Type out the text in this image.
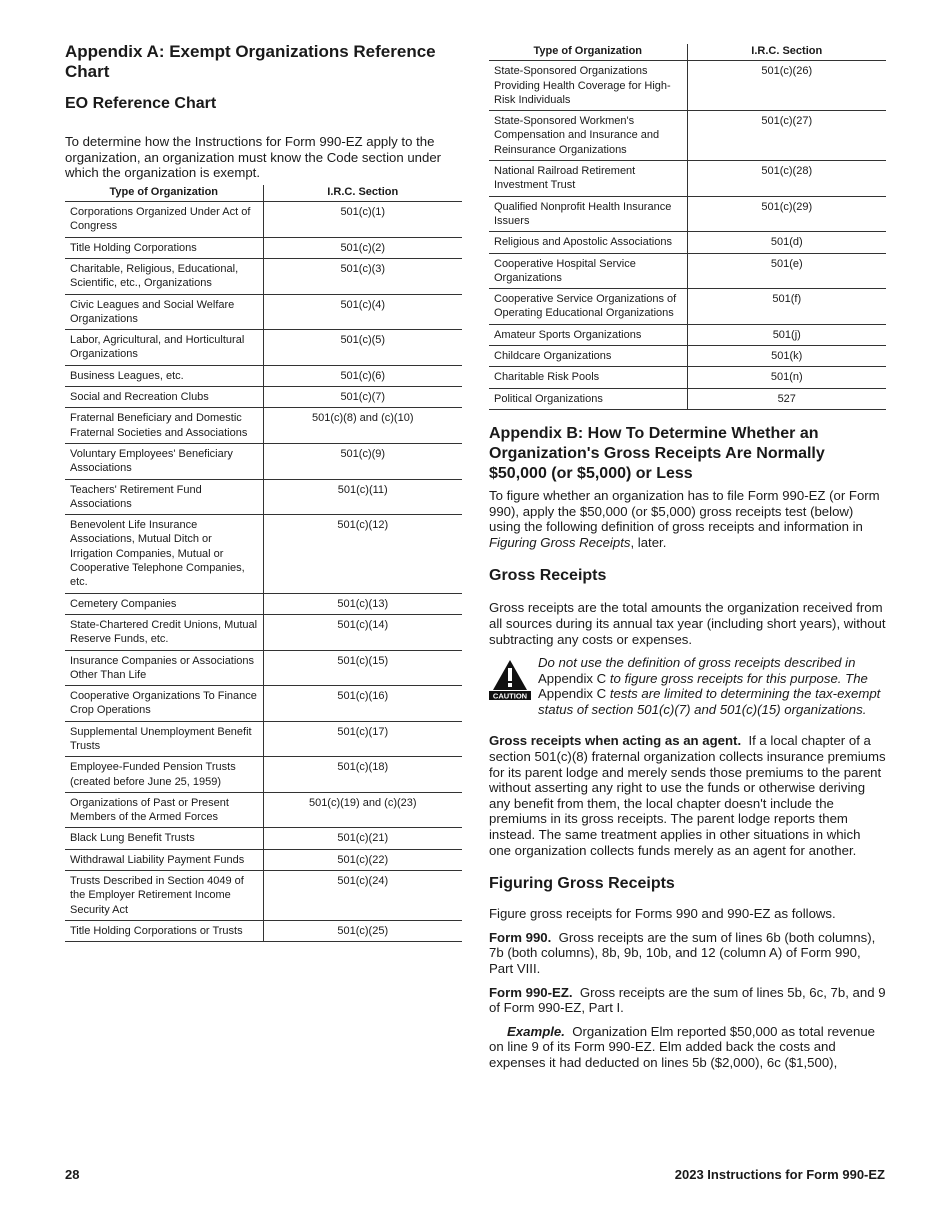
Appendix A: Exempt Organizations Reference Chart
EO Reference Chart

To determine how the Instructions for Form 990-EZ apply to the organization, an organization must know the Code section under which the organization is exempt.

Type of Organization	I.R.C. Section
Corporations Organized Under Act of Congress	501(c)(1)
Title Holding Corporations	501(c)(2)
Charitable, Religious, Educational, Scientific, etc., Organizations	501(c)(3)
Civic Leagues and Social Welfare Organizations	501(c)(4)
Labor, Agricultural, and Horticultural Organizations	501(c)(5)
Business Leagues, etc.	501(c)(6)
Social and Recreation Clubs	501(c)(7)
Fraternal Beneficiary and Domestic Fraternal Societies and Associations	501(c)(8) and (c)(10)
Voluntary Employees' Beneficiary Associations	501(c)(9)
Teachers' Retirement Fund Associations	501(c)(11)
Benevolent Life Insurance Associations, Mutual Ditch or Irrigation Companies, Mutual or Cooperative Telephone Companies, etc.	501(c)(12)
Cemetery Companies	501(c)(13)
State-Chartered Credit Unions, Mutual Reserve Funds, etc.	501(c)(14)
Insurance Companies or Associations Other Than Life	501(c)(15)
Cooperative Organizations To Finance Crop Operations	501(c)(16)
Supplemental Unemployment Benefit Trusts	501(c)(17)
Employee-Funded Pension Trusts (created before June 25, 1959)	501(c)(18)
Organizations of Past or Present Members of the Armed Forces	501(c)(19) and (c)(23)
Black Lung Benefit Trusts	501(c)(21)
Withdrawal Liability Payment Funds	501(c)(22)
Trusts Described in Section 4049 of the Employer Retirement Income Security Act	501(c)(24)
Title Holding Corporations or Trusts	501(c)(25)
Type of Organization	I.R.C. Section
State-Sponsored Organizations Providing Health Coverage for High-Risk Individuals	501(c)(26)
State-Sponsored Workmen's Compensation and Insurance and Reinsurance Organizations	501(c)(27)
National Railroad Retirement Investment Trust	501(c)(28)
Qualified Nonprofit Health Insurance Issuers	501(c)(29)
Religious and Apostolic Associations	501(d)
Cooperative Hospital Service Organizations	501(e)
Cooperative Service Organizations of Operating Educational Organizations	501(f)
Amateur Sports Organizations	501(j)
Childcare Organizations	501(k)
Charitable Risk Pools	501(n)
Political Organizations	527
Appendix B: How To Determine Whether an Organization's Gross Receipts Are Normally $50,000 (or $5,000) or Less

To figure whether an organization has to file Form 990-EZ (or Form 990), apply the $50,000 (or $5,000) gross receipts test (below) using the following definition of gross receipts and information in Figuring Gross Receipts, later.

Gross Receipts

Gross receipts are the total amounts the organization received from all sources during its annual tax year (including short years), without subtracting any costs or expenses.

CAUTION
Do not use the definition of gross receipts described in
Appendix C to figure gross receipts for this purpose. The
Appendix C tests are limited to determining the tax-exempt status of section 501(c)(7) and 501(c)(15) organizations.

Gross receipts when acting as an agent. If a local chapter of a section 501(c)(8) fraternal organization collects insurance premiums for its parent lodge and merely sends those premiums to the parent without asserting any right to use the funds or otherwise deriving any benefit from them, the local chapter doesn't include the premiums in its gross receipts. The parent lodge reports them instead. The same treatment applies in other situations in which one organization collects funds merely as an agent for another.

Figuring Gross Receipts

Figure gross receipts for Forms 990 and 990-EZ as follows.

Form 990. Gross receipts are the sum of lines 6b (both columns), 7b (both columns), 8b, 9b, 10b, and 12 (column A) of Form 990, Part VIII.

Form 990-EZ. Gross receipts are the sum of lines 5b, 6c, 7b, and 9 of Form 990-EZ, Part I.

Example. Organization Elm reported $50,000 as total revenue on line 9 of its Form 990-EZ. Elm added back the costs and expenses it had deducted on lines 5b ($2,000), 6c ($1,500),

28	2023 Instructions for Form 990-EZ
